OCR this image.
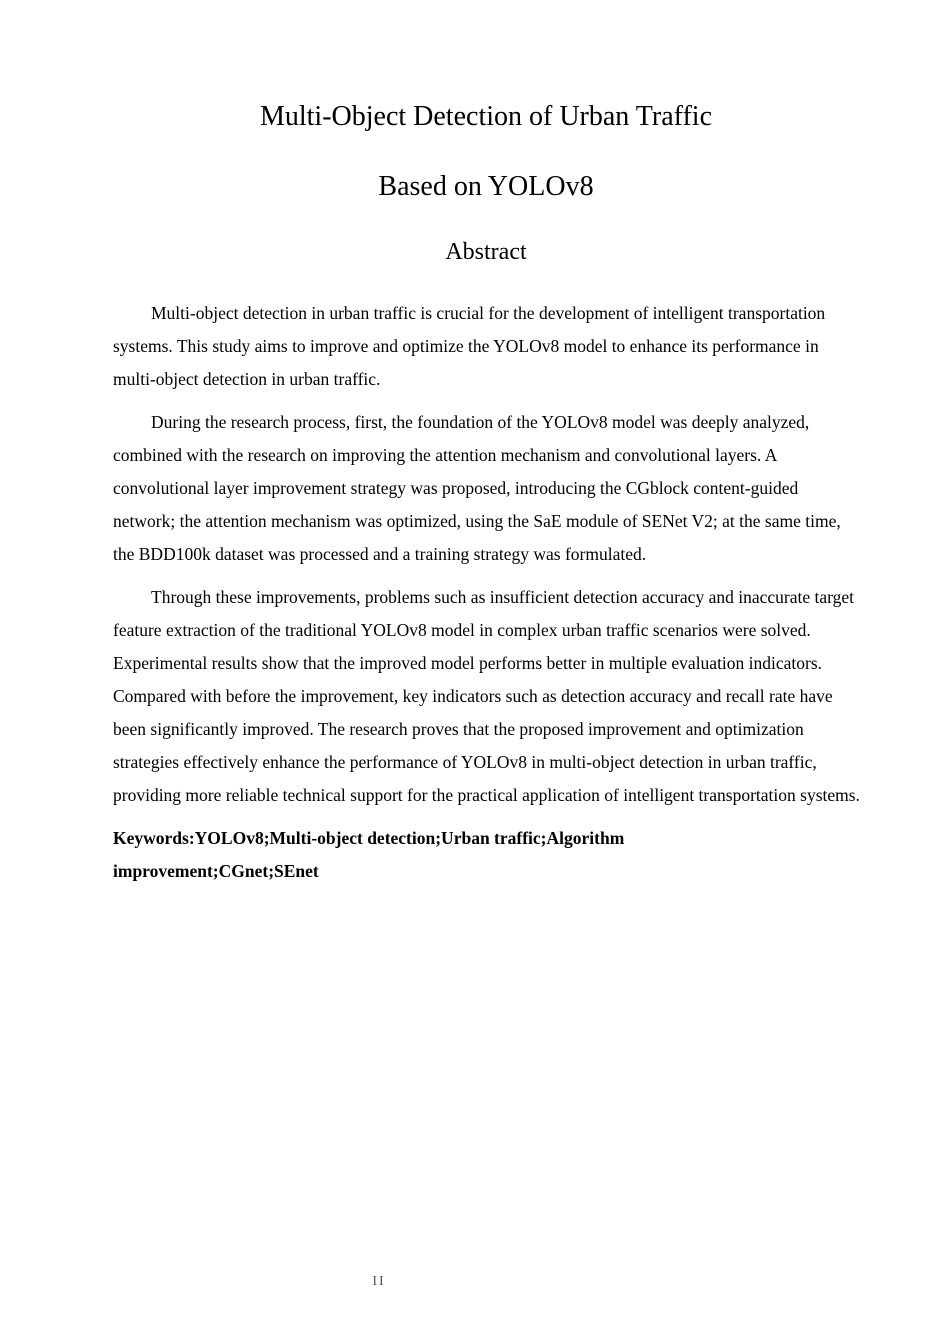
Multi-Object Detection of Urban Traffic
Based on YOLOv8
Abstract

Multi-object detection in urban traffic is crucial for the development of intelligent transportation systems. This study aims to improve and optimize the YOLOv8 model to enhance its performance in multi-object detection in urban traffic.

During the research process, first, the foundation of the YOLOv8 model was deeply analyzed, combined with the research on improving the attention mechanism and convolutional layers. A convolutional layer improvement strategy was proposed, introducing the CGblock content-guided network; the attention mechanism was optimized, using the SaE module of SENet V2; at the same time, the BDD100k dataset was processed and a training strategy was formulated.

Through these improvements, problems such as insufficient detection accuracy and inaccurate target feature extraction of the traditional YOLOv8 model in complex urban traffic scenarios were solved. Experimental results show that the improved model performs better in multiple evaluation indicators. Compared with before the improvement, key indicators such as detection accuracy and recall rate have been significantly improved. The research proves that the proposed improvement and optimization strategies effectively enhance the performance of YOLOv8 in multi-object detection in urban traffic, providing more reliable technical support for the practical application of intelligent transportation systems.

Keywords:YOLOv8;Multi-object detection;Urban traffic;Algorithm improvement;CGnet;SEnet

II
